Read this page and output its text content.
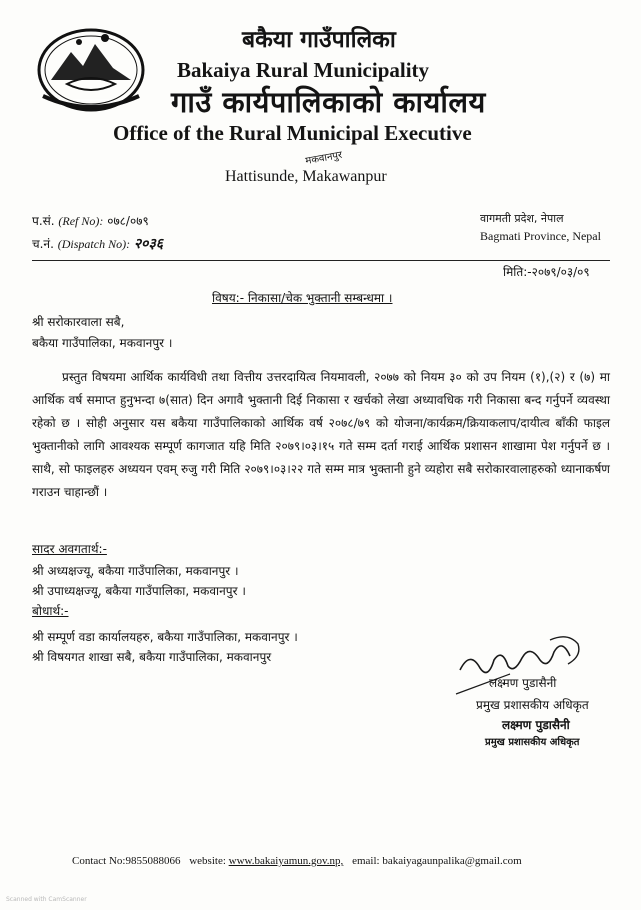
बकैया गाउँपालिका
Bakaiya Rural Municipality
गाउँ कार्यपालिकाको कार्यालय
Office of the Rural Municipal Executive
मकवानपुर
Hattisunde, Makawanpur
प.सं. (Ref No): ०७८/०७९
च.नं. (Dispatch No): २०३६
वागमती प्रदेश, नेपाल
Bagmati Province, Nepal
मिति:-२०७९/०३/०९
विषय:- निकासा/चेक भुक्तानी सम्बन्धमा ।
श्री सरोकारवाला सबै,
बकैया गाउँपालिका, मकवानपुर ।
प्रस्तुत विषयमा आर्थिक कार्यविधी तथा वित्तीय उत्तरदायित्व नियमावली, २०७७ को नियम ३० को उप नियम (१),(२) र (७) मा आर्थिक वर्ष समाप्त हुनुभन्दा ७(सात) दिन अगावै भुक्तानी दिई निकासा र खर्चको लेखा अध्यावधिक गरी निकासा बन्द गर्नुपर्ने व्यवस्था रहेको छ । सोही अनुसार यस बकैया गाउँपालिकाको आर्थिक वर्ष २०७८/७९ को योजना/कार्यक्रम/क्रियाकलाप/दायीत्व बाँकी फाइल भुक्तानीको लागि आवश्यक सम्पूर्ण कागजात यहि मिति २०७९।०३।१५ गते सम्म दर्ता गराई आर्थिक प्रशासन शाखामा पेश गर्नुपर्ने छ । साथै, सो फाइलहरु अध्ययन एवम् रुजु गरी मिति २०७९।०३।२२ गते सम्म मात्र भुक्तानी हुने व्यहोरा सबै सरोकारवालाहरुको ध्यानाकर्षण गराउन चाहान्छौं ।
सादर अवगतार्थ:-
श्री अध्यक्षज्यू, बकैया गाउँपालिका, मकवानपुर ।
श्री उपाध्यक्षज्यू, बकैया गाउँपालिका, मकवानपुर ।
बोधार्थ:-
श्री सम्पूर्ण वडा कार्यालयहरु, बकैया गाउँपालिका, मकवानपुर ।
श्री विषयगत शाखा सबै, बकैया गाउँपालिका, मकवानपुर
लक्ष्मण पुडासैनी
प्रमुख प्रशासकीय अधिकृत
लक्ष्मण पुडासैनी
प्रमुख प्रशासकीय अधिकृत
Contact No:9855088066 website: www.bakaiyamun.gov.np, email: bakaiyagaunpalika@gmail.com
Scanned with CamScanner
